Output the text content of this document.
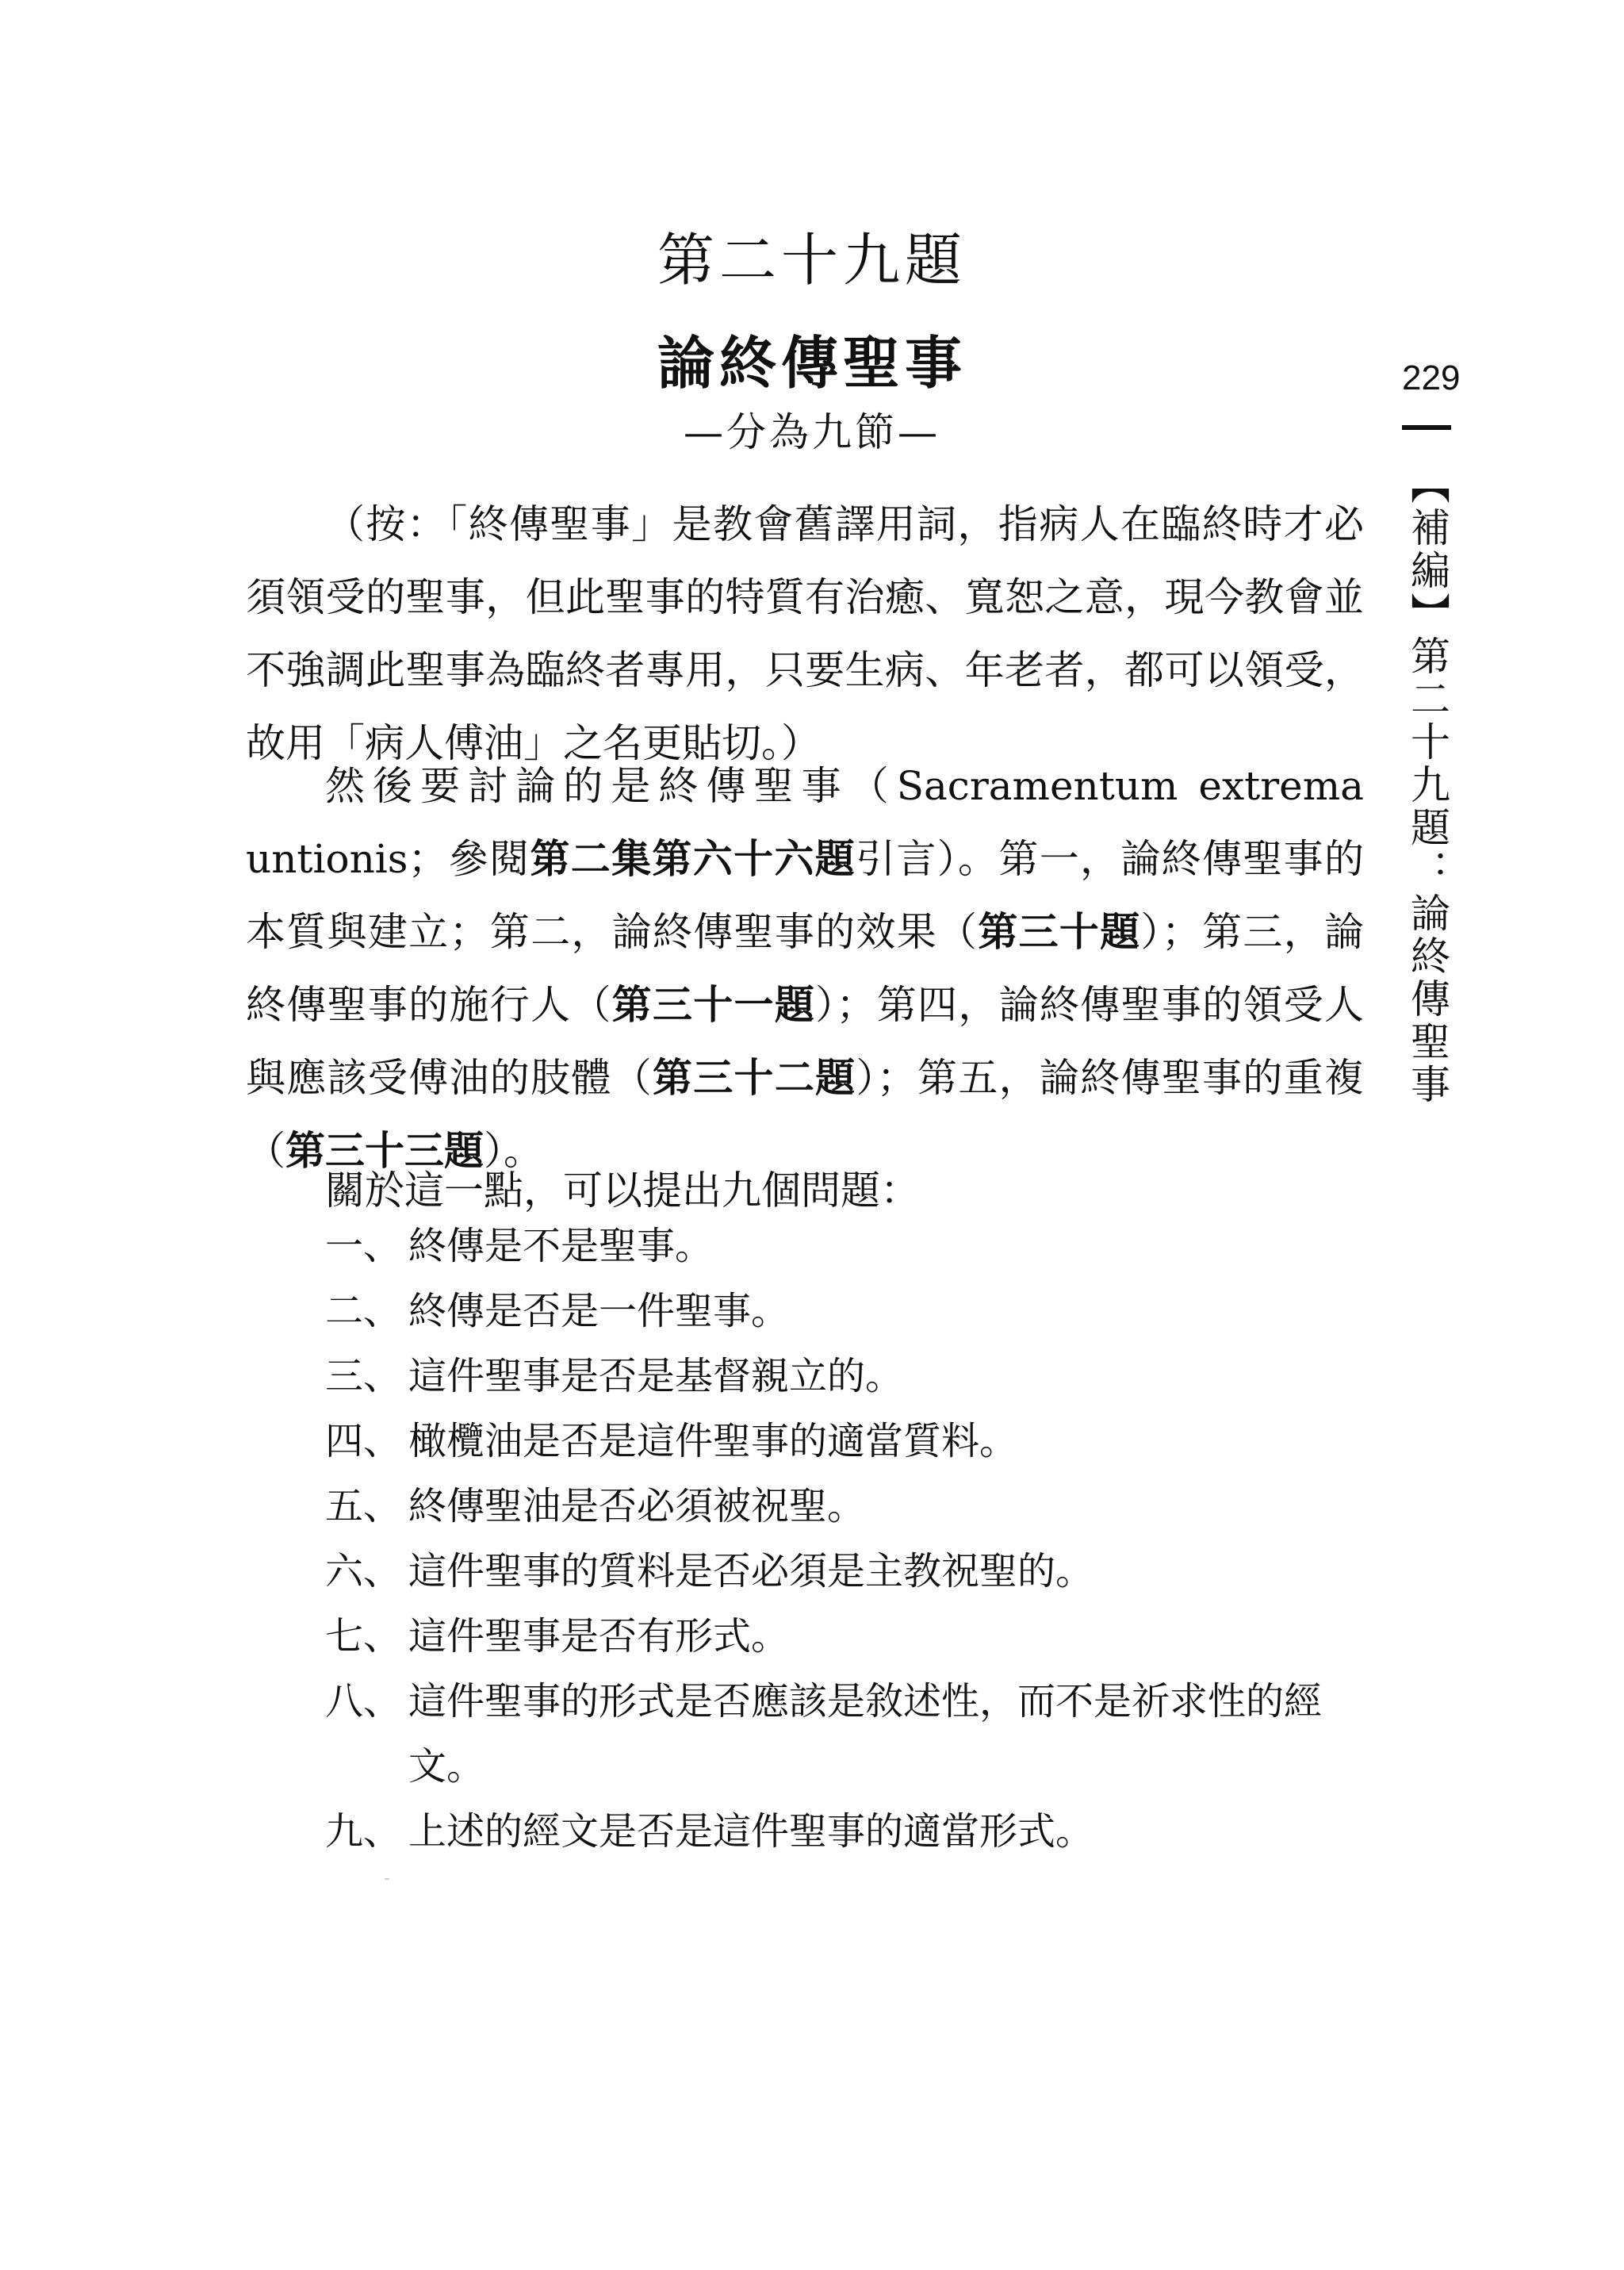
229
【補編】第二十九題：論終傳聖事
第二十九題
論終傳聖事
—分為九節—

（按：「終傳聖事」是教會舊譯用詞，指病人在臨終時才必須領受的聖事，但此聖事的特質有治癒、寬恕之意，現今教會並不強調此聖事為臨終者專用，只要生病、年老者，都可以領受，故用「病人傅油」之名更貼切。）

然後要討論的是終傳聖事（Sacramentum extrema untionis；參閱第二集第六十六題引言）。第一，論終傳聖事的本質與建立；第二，論終傳聖事的效果（第三十題）；第三，論終傳聖事的施行人（第三十一題）；第四，論終傳聖事的領受人與應該受傅油的肢體（第三十二題）；第五，論終傳聖事的重複（第三十三題）。

關於這一點，可以提出九個問題：

一、 終傳是不是聖事。
二、 終傳是否是一件聖事。
三、 這件聖事是否是基督親立的。
四、 橄欖油是否是這件聖事的適當質料。
五、 終傳聖油是否必須被祝聖。
六、 這件聖事的質料是否必須是主教祝聖的。
七、 這件聖事是否有形式。
八、 這件聖事的形式是否應該是敘述性，而不是祈求性的經文。
九、 上述的經文是否是這件聖事的適當形式。
